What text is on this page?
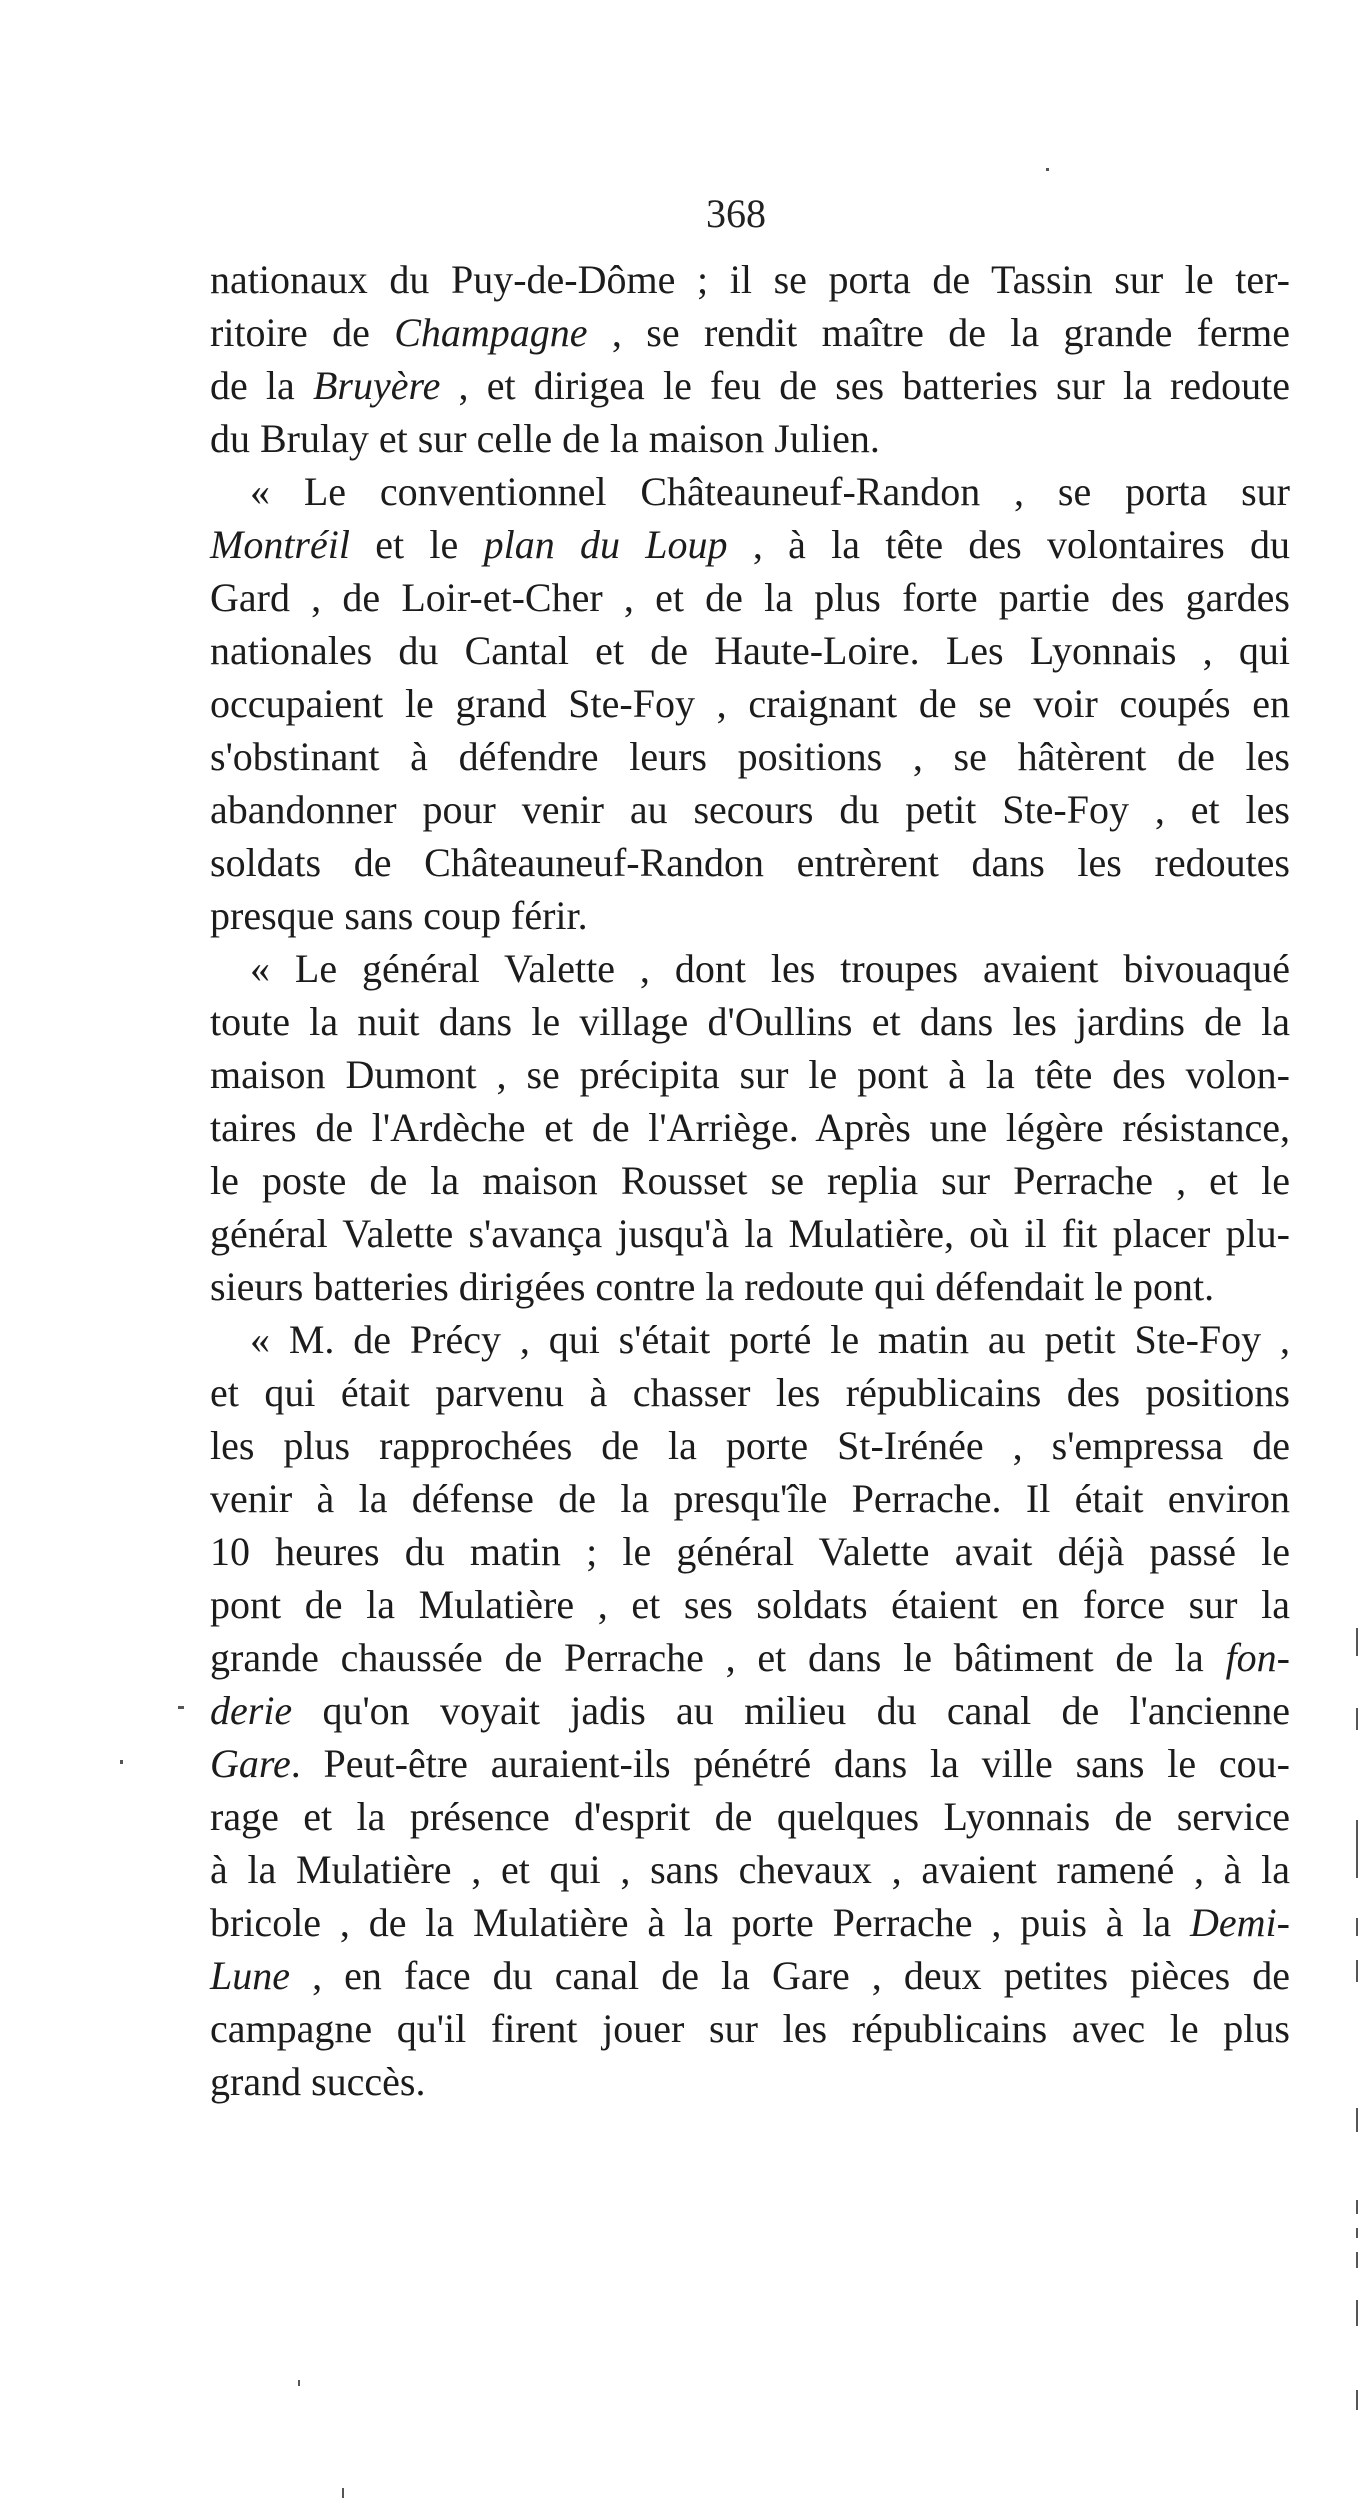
368
nationaux du Puy-de-Dôme ; il se porta de Tassin sur le ter-
ritoire de Champagne , se rendit maître de la grande ferme
de la Bruyère , et dirigea le feu de ses batteries sur la redoute
du Brulay et sur celle de la maison Julien.
« Le conventionnel Châteauneuf-Randon , se porta sur
Montréil et le plan du Loup , à la tête des volontaires du
Gard , de Loir-et-Cher , et de la plus forte partie des gardes
nationales du Cantal et de Haute-Loire. Les Lyonnais , qui
occupaient le grand Ste-Foy , craignant de se voir coupés en
s'obstinant à défendre leurs positions , se hâtèrent de les
abandonner pour venir au secours du petit Ste-Foy , et les
soldats de Châteauneuf-Randon entrèrent dans les redoutes
presque sans coup férir.
« Le général Valette , dont les troupes avaient bivouaqué
toute la nuit dans le village d'Oullins et dans les jardins de la
maison Dumont , se précipita sur le pont à la tête des volon-
taires de l'Ardèche et de l'Arriège. Après une légère résistance,
le poste de la maison Rousset se replia sur Perrache , et le
général Valette s'avança jusqu'à la Mulatière, où il fit placer plu-
sieurs batteries dirigées contre la redoute qui défendait le pont.
« M. de Précy , qui s'était porté le matin au petit Ste-Foy ,
et qui était parvenu à chasser les républicains des positions
les plus rapprochées de la porte St-Irénée , s'empressa de
venir à la défense de la presqu'île Perrache. Il était environ
10 heures du matin ; le général Valette avait déjà passé le
pont de la Mulatière , et ses soldats étaient en force sur la
grande chaussée de Perrache , et dans le bâtiment de la fon-
derie qu'on voyait jadis au milieu du canal de l'ancienne
Gare. Peut-être auraient-ils pénétré dans la ville sans le cou-
rage et la présence d'esprit de quelques Lyonnais de service
à la Mulatière , et qui , sans chevaux , avaient ramené , à la
bricole , de la Mulatière à la porte Perrache , puis à la Demi-
Lune , en face du canal de la Gare , deux petites pièces de
campagne qu'il firent jouer sur les républicains avec le plus
grand succès.
